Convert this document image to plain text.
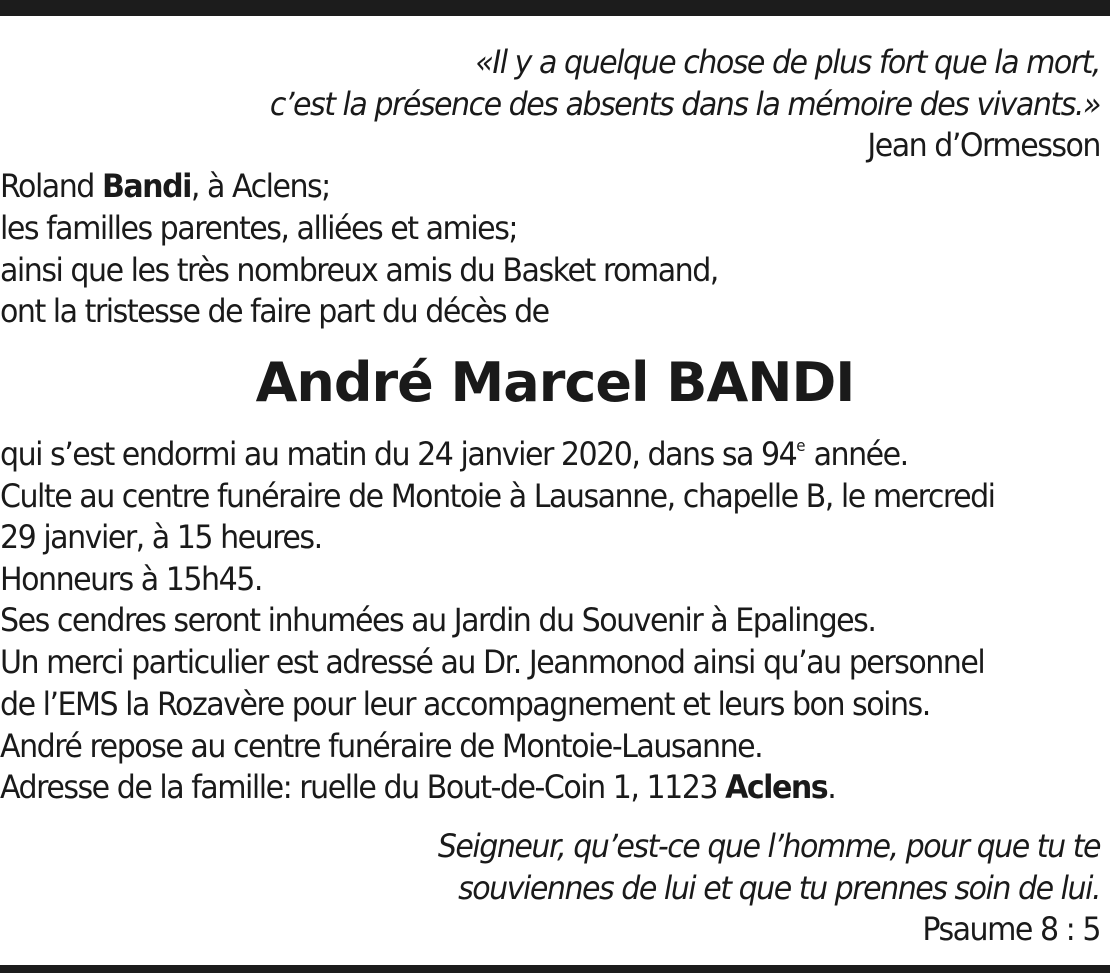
«Il y a quelque chose de plus fort que la mort,

c’est la présence des absents dans la mémoire des vivants.»

Jean d’Ormesson

Roland Bandi, à Aclens;

les familles parentes, alliées et amies;

ainsi que les très nombreux amis du Basket romand,

ont la tristesse de faire part du décès de

André Marcel BANDI

qui s’est endormi au matin du 24 janvier 2020, dans sa 94e année.

Culte au centre funéraire de Montoie à Lausanne, chapelle B, le mercredi

29 janvier, à 15 heures.

Honneurs à 15h45.

Ses cendres seront inhumées au Jardin du Souvenir à Epalinges.

Un merci particulier est adressé au Dr. Jeanmonod ainsi qu’au personnel

de l’EMS la Rozavère pour leur accompagnement et leurs bon soins.

André repose au centre funéraire de Montoie-Lausanne.

Adresse de la famille: ruelle du Bout-de-Coin 1, 1123 Aclens.

Seigneur, qu’est-ce que l’homme, pour que tu te

souviennes de lui et que tu prennes soin de lui.

Psaume 8 : 5
